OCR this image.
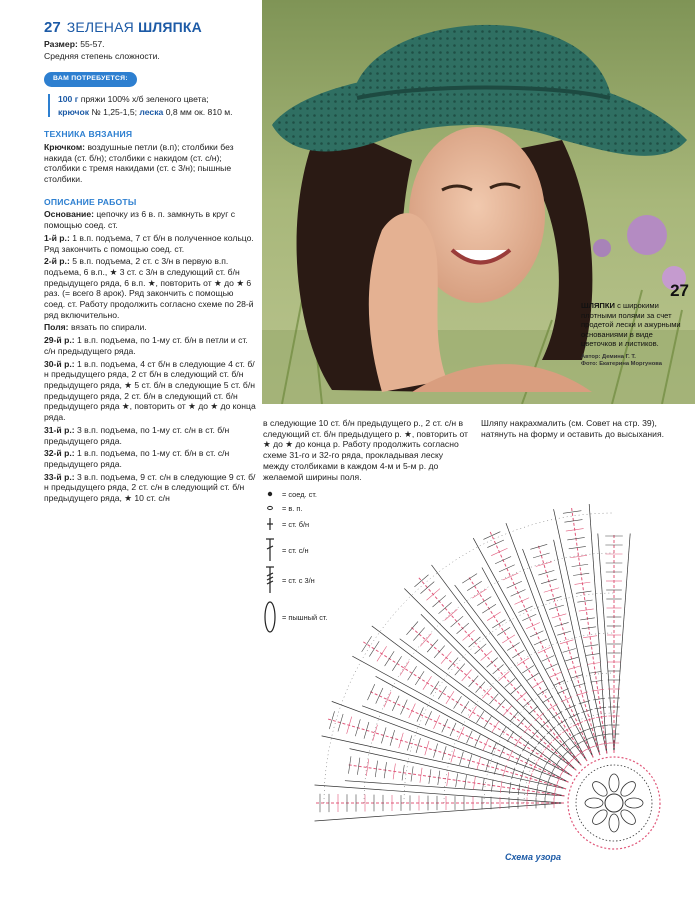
27 ЗЕЛЕНАЯ ШЛЯПКА

Размер: 55-57.

Средняя степень сложности.

ВАМ ПОТРЕБУЕТСЯ:

100 г пряжи 100% х/б зеленого цвета;

крючок № 1,25-1,5; леска 0,8 мм ок. 810 м.

ТЕХНИКА ВЯЗАНИЯ

Крючком: воздушные петли (в.п); столбики без накида (ст. б/н); столбики с накидом (ст. с/н); столбики с тремя накидами (ст. с 3/н); пышные столбики.

ОПИСАНИЕ РАБОТЫ

Основание: цепочку из 6 в. п. замкнуть в круг с помощью соед. ст.

1-й р.: 1 в.п. подъема, 7 ст б/н в полученное кольцо. Ряд закончить с помощью соед. ст.

2-й р.: 5 в.п. подъема, 2 ст. с 3/н в первую в.п. подъема, 6 в.п., ★ 3 ст. с 3/н в следующий ст. б/н предыдущего ряда, 6 в.п. ★, повторить от ★ до ★ 6 раз. (= всего 8 арок). Ряд закончить с помощью соед. ст. Работу продолжить согласно схеме по 28-й ряд включительно.

Поля: вязать по спирали.

29-й р.: 1 в.п. подъема, по 1-му ст. б/н в петли и ст. с/н предыдущего ряда.

30-й р.: 1 в.п. подъема, 4 ст б/н в следующие 4 ст. б/н предыдущего ряда, 2 ст б/н в следующий ст. б/н предыдущего ряда, ★ 5 ст. б/н в следующие 5 ст. б/н предыдущего ряда, 2 ст. б/н в следующий ст. б/н предыдущего ряда ★, повторить от ★ до ★ до конца ряда.

31-й р.: 3 в.п. подъема, по 1-му ст. с/н в ст. б/н предыдущего ряда.

32-й р.: 1 в.п. подъема, по 1-му ст. б/н в ст. с/н предыдущего ряда.

33-й р.: 3 в.п. подъема, 9 ст. с/н в следующие 9 ст. б/н предыдущего ряда, 2 ст. с/н в следующий ст. б/н предыдущего ряда, ★ 10 ст. с/н

27
ШЛЯПКИ с широкими плотными полями за счет продетой лески и ажурными основаниями в виде цветочков и листиков.
Автор: Демина Г. Т.
Фото: Екатерина Моргунова
в следующие 10 ст. б/н предыдущего р., 2 ст. с/н в следующий ст. б/н предыдущего р. ★, повторить от ★ до ★ до конца р. Работу продолжить согласно схеме 31-го и 32-го ряда, прокладывая леску между столбиками в каждом 4-м и 5-м р. до желаемой ширины поля.
Шляпу накрахмалить (см. Совет на стр. 39), натянуть на форму и оставить до высыхания.
= соед. ст.
= в. п.
= ст. б/н
= ст. с/н
= ст. с 3/н
= пышный ст.
Схема узора
